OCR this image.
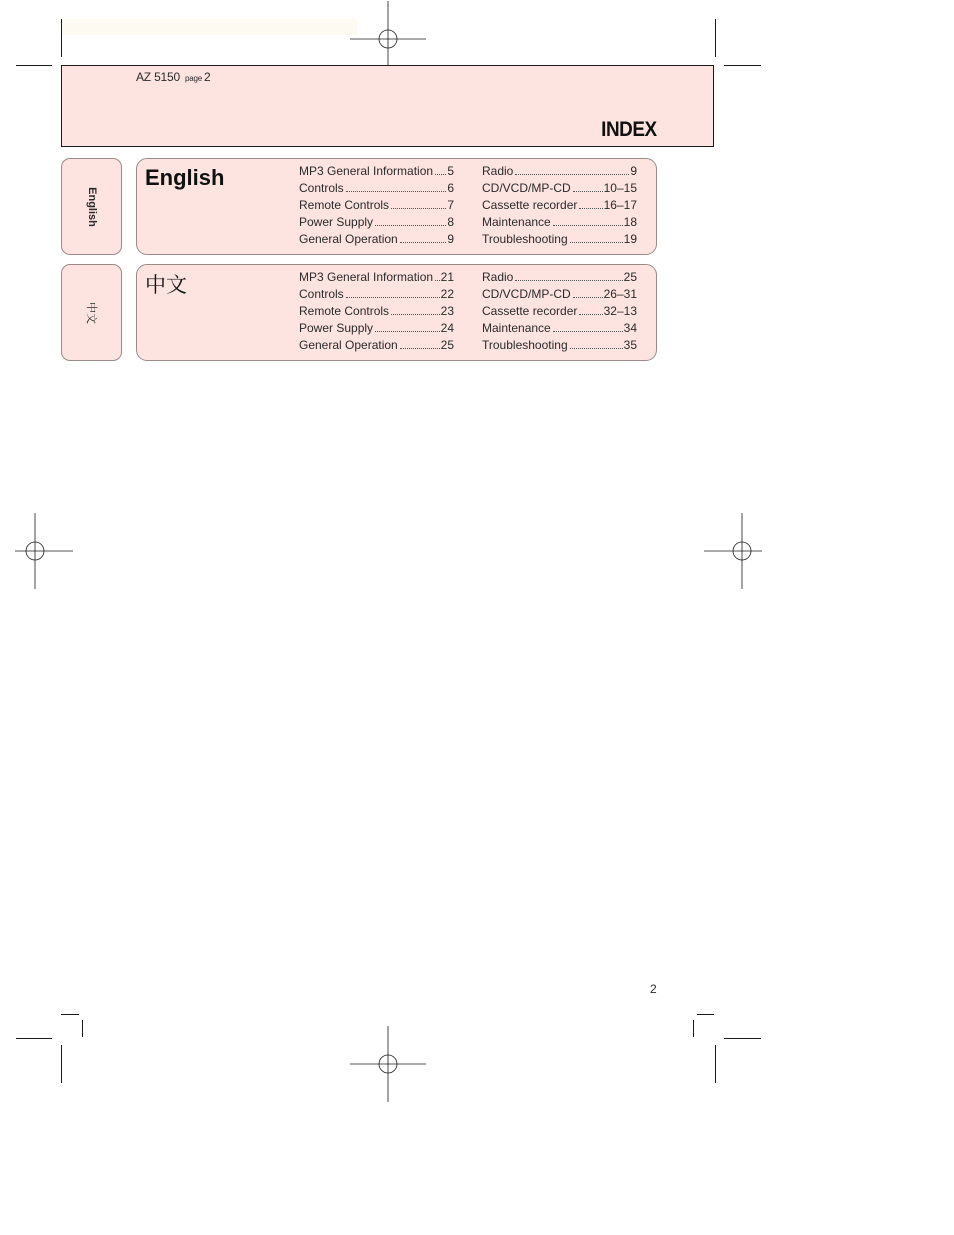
AZ 5150 page 2
INDEX
English
English	MP3 General Information 5
Controls	6
Remote Controls	7
Power Supply	8
General Operation	9
Radio	9
CD/VCD/MP-CD	10–15
Cassette recorder 16–17
Maintenance	18
Troubleshooting	19
中文
中文	MP3 General Information 21
Controls	22
Remote Controls	23
Power Supply	24
General Operation	25
Radio	25
CD/VCD/MP-CD	26–31
Cassette recorder 32–13
Maintenance	34
Troubleshooting	35
2
